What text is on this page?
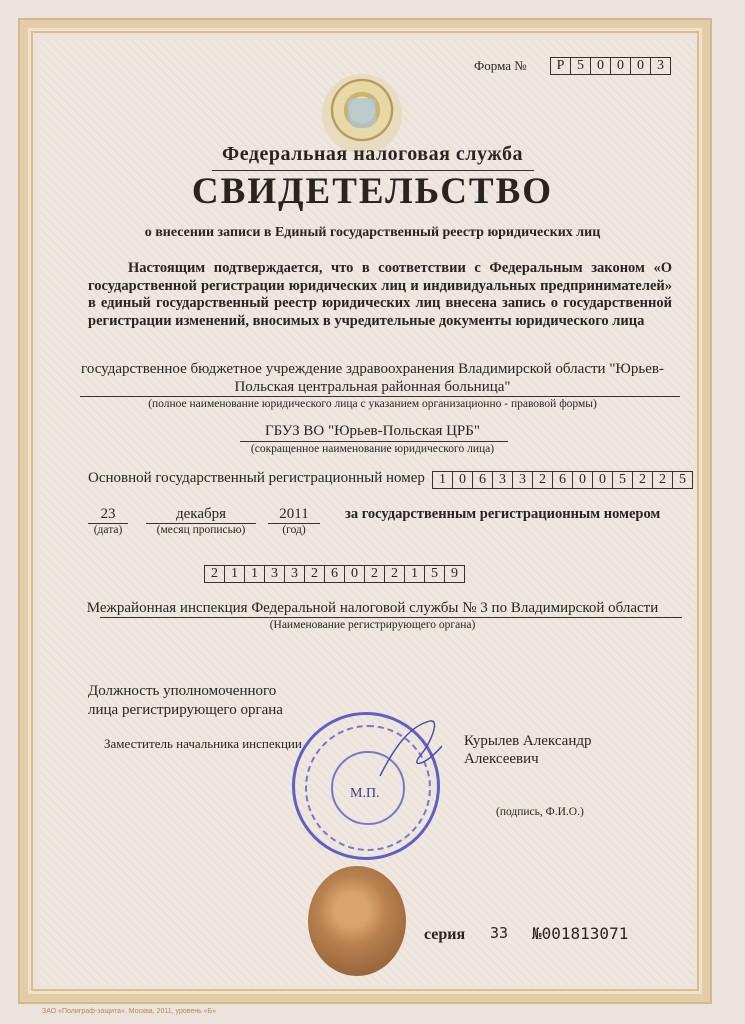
Форма №	Р 5 0 0 0 3
Федеральная налоговая служба
СВИДЕТЕЛЬСТВО
о внесении записи в Единый государственный реестр юридических лиц
Настоящим подтверждается, что в соответствии с Федеральным законом «О государственной регистрации юридических лиц и индивидуальных предпринимателей» в единый государственный реестр юридических лиц внесена запись о государственной регистрации изменений, вносимых в учредительные документы юридического лица
государственное бюджетное учреждение здравоохранения Владимирской области "Юрьев-Польская центральная районная больница"
(полное наименование юридического лица с указанием организационно - правовой формы)
ГБУЗ ВО "Юрьев-Польская ЦРБ"
(сокращенное наименование юридического лица)
Основной государственный регистрационный номер	1 0 6 3 3 2 6 0 0 5 2 2 5
23
(дата)
декабря
(месяц прописью)
2011
(год)
за государственным регистрационным номером
2 1 1 3 3 2 6 0 2 2 1 5 9
Межрайонная инспекция Федеральной налоговой службы № 3 по Владимирской области
(Наименование регистрирующего органа)
Должность уполномоченного
лица регистрирующего органа
Заместитель начальника инспекции
М.П.
Курылев Александр
Алексеевич
(подпись, Ф.И.О.)
серия 33 №001813071
ЗАО «Полиграф-защита». Москва, 2011, уровень «Б»
